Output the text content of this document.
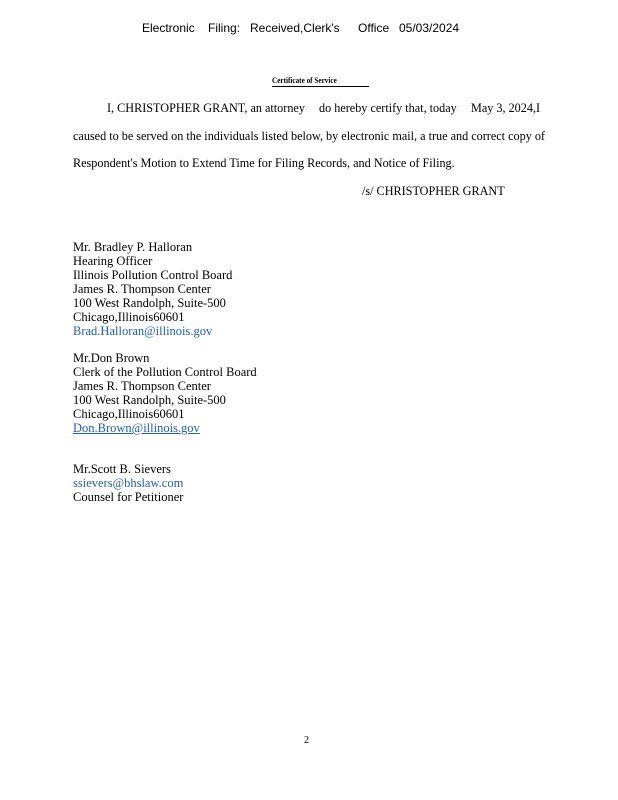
Electronic Filing: Received,Clerk's Office 05/03/2024
Certificate of Service
I, CHRISTOPHER GRANT, an attorney do hereby certify that, today May 3, 2024,I
caused to be served on the individuals listed below, by electronic mail, a true and correct copy of
Respondent's Motion to Extend Time for Filing Records, and Notice of Filing.
/s/ CHRISTOPHER GRANT
Mr. Bradley P. Halloran
Hearing Officer
Illinois Pollution Control Board
James R. Thompson Center
100 West Randolph, Suite-500
Chicago,Illinois60601
Brad.Halloran@illinois.gov
Mr.Don Brown
Clerk of the Pollution Control Board
James R. Thompson Center
100 West Randolph, Suite-500
Chicago,Illinois60601
Don.Brown@illinois.gov
Mr.Scott B. Sievers
ssievers@bhslaw.com
Counsel for Petitioner
2
